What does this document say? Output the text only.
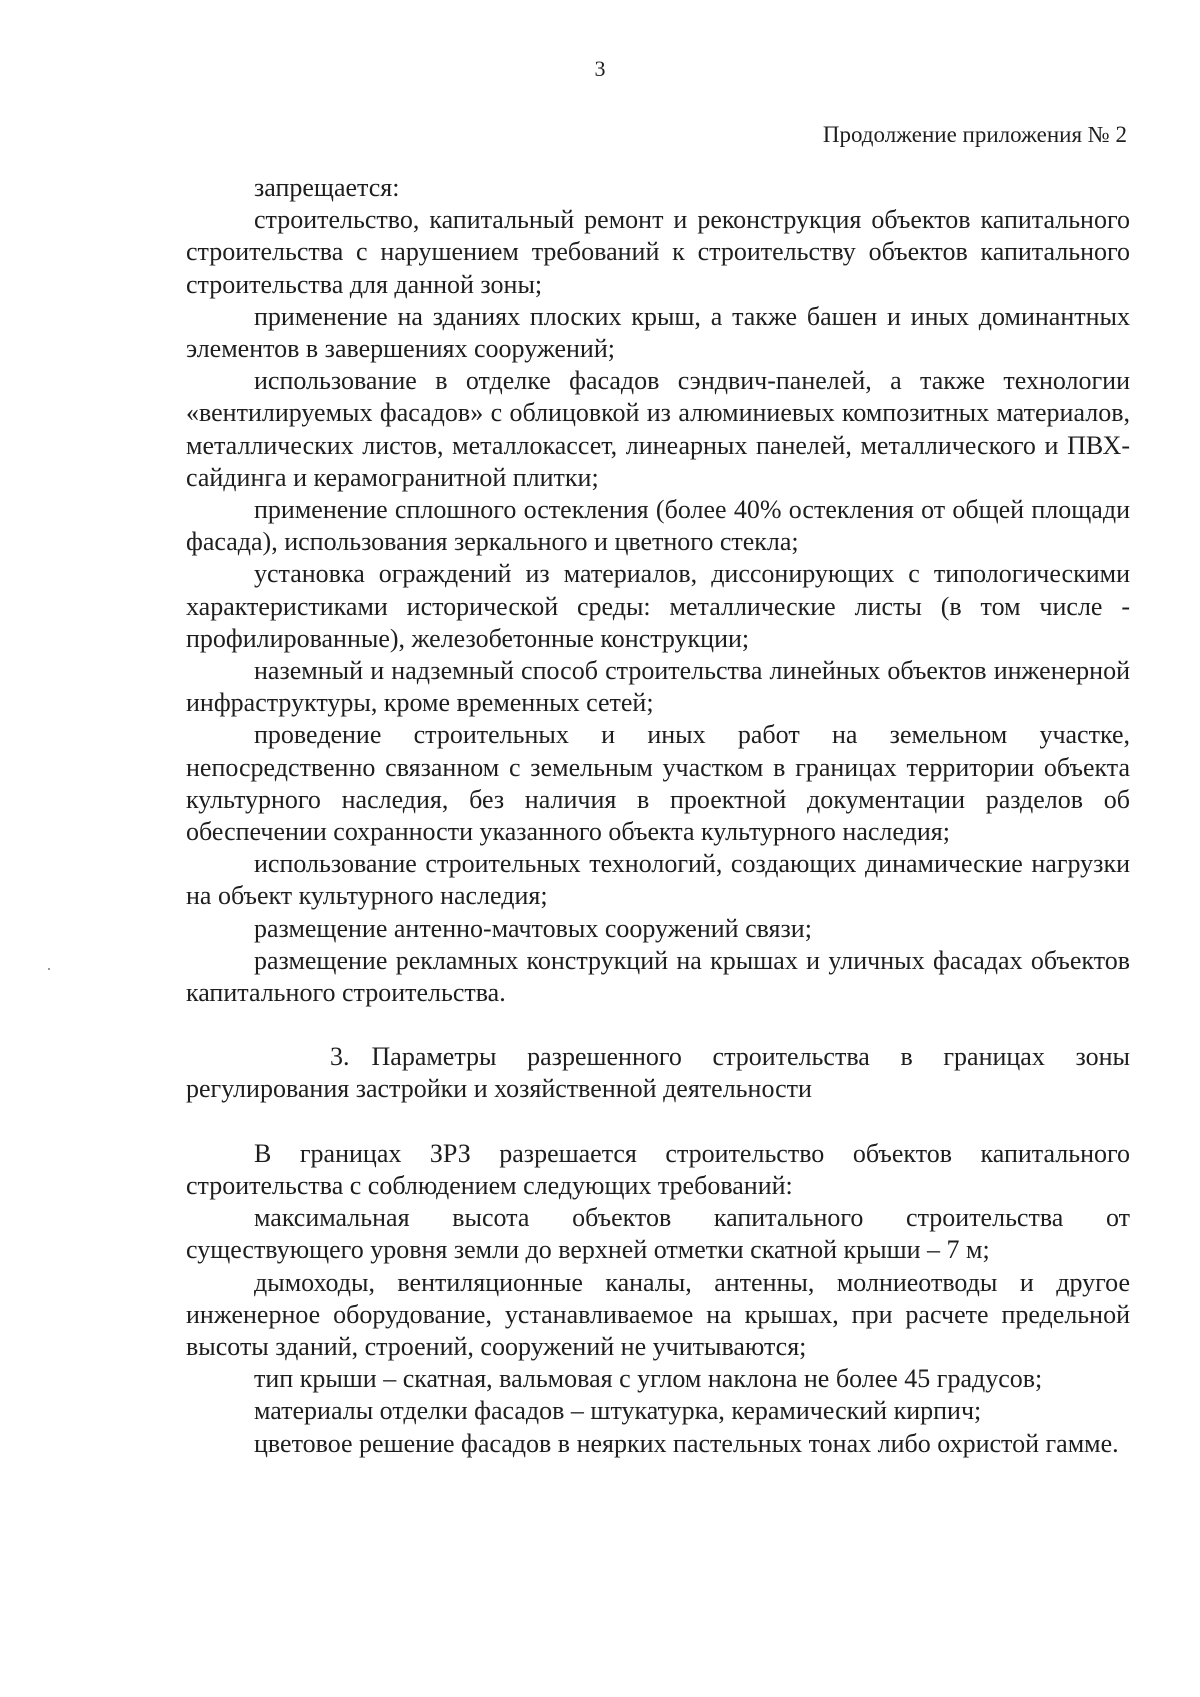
3
Продолжение приложения № 2

запрещается:

строительство, капитальный ремонт и реконструкция объектов капитального строительства с нарушением требований к строительству объектов капитального строительства для данной зоны;

применение на зданиях плоских крыш, а также башен и иных доминантных элементов в завершениях сооружений;

использование в отделке фасадов сэндвич-панелей, а также технологии «вентилируемых фасадов» с облицовкой из алюминиевых композитных материалов, металлических листов, металлокассет, линеарных панелей, металлического и ПВХ-сайдинга и керамогранитной плитки;

применение сплошного остекления (более 40% остекления от общей площади фасада), использования зеркального и цветного стекла;

установка ограждений из материалов, диссонирующих с типологическими характеристиками исторической среды: металлические листы (в том числе - профилированные), железобетонные конструкции;

наземный и надземный способ строительства линейных объектов инженерной инфраструктуры, кроме временных сетей;

проведение строительных и иных работ на земельном участке, непосредственно связанном с земельным участком в границах территории объекта культурного наследия, без наличия в проектной документации разделов об обеспечении сохранности указанного объекта культурного наследия;

использование строительных технологий, создающих динамические нагрузки на объект культурного наследия;

размещение антенно-мачтовых сооружений связи;

размещение рекламных конструкций на крышах и уличных фасадах объектов капитального строительства.

3. Параметры разрешенного строительства в границах зоны регулирования застройки и хозяйственной деятельности

В границах ЗРЗ разрешается строительство объектов капитального строительства с соблюдением следующих требований:

максимальная высота объектов капитального строительства от существующего уровня земли до верхней отметки скатной крыши – 7 м;

дымоходы, вентиляционные каналы, антенны, молниеотводы и другое инженерное оборудование, устанавливаемое на крышах, при расчете предельной высоты зданий, строений, сооружений не учитываются;

тип крыши – скатная, вальмовая с углом наклона не более 45 градусов;

материалы отделки фасадов – штукатурка, керамический кирпич;

цветовое решение фасадов в неярких пастельных тонах либо охристой гамме.
